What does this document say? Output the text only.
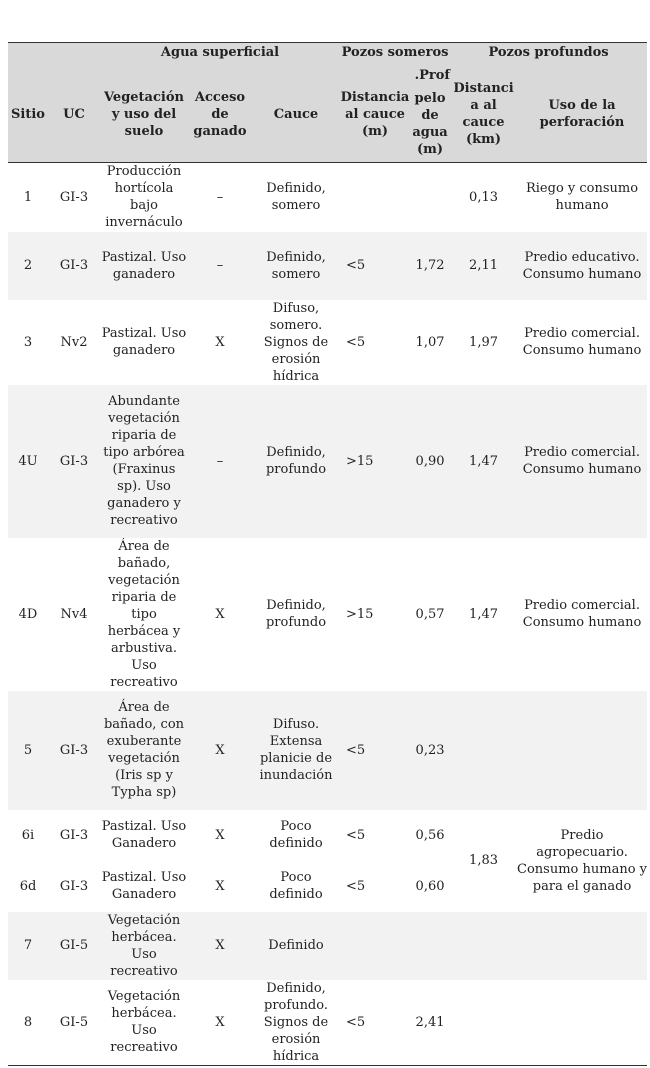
		Agua superficial			Pozos someros		Pozos profundos	
Sitio	UC	Vegetación y uso del suelo	Acceso de ganado	Cauce	Distancia al cauce (m)	Prof.	Distancia al cauce (km)	Uso de la perforación
						pelo de agua (m)		
1	GI-3	Producción hortícola bajo invernáculo	–	Definido, somero			0,13	Riego y consumo humano
2	GI-3	Pastizal. Uso ganadero	–	Definido, somero	<5	1,72	2,11	Predio educativo. Consumo humano
3	Nv2	Pastizal. Uso ganadero	X	Difuso, somero. Signos de erosión hídrica	<5	1,07	1,97	Predio comercial. Consumo humano
4U	GI-3	Abundante vegetación riparia de tipo arbórea (Fraxinus sp). Uso ganadero y recreativo	–	Definido, profundo	>15	0,90	1,47	Predio comercial. Consumo humano
4D	Nv4	Área de bañado, vegetación riparia de tipo herbácea y arbustiva. Uso recreativo	X	Definido, profundo	>15	0,57	1,47	Predio comercial. Consumo humano
5	GI-3	Área de bañado, con exuberante vegetación (Iris sp y Typha sp)	X	Difuso. Extensa planicie de inundación	<5	0,23		
6i	GI-3	Pastizal. Uso Ganadero	X	Poco definido	<5	0,56	1,83	Predio agropecuario. Consumo humano y para el ganado
6d	GI-3	Pastizal. Uso Ganadero	X	Poco definido	<5	0,60		
7	GI-5	Vegetación herbácea. Uso recreativo	X	Definido				
8	GI-5	Vegetación herbácea. Uso recreativo	X	Definido, profundo. Signos de erosión hídrica	<5	2,41		
